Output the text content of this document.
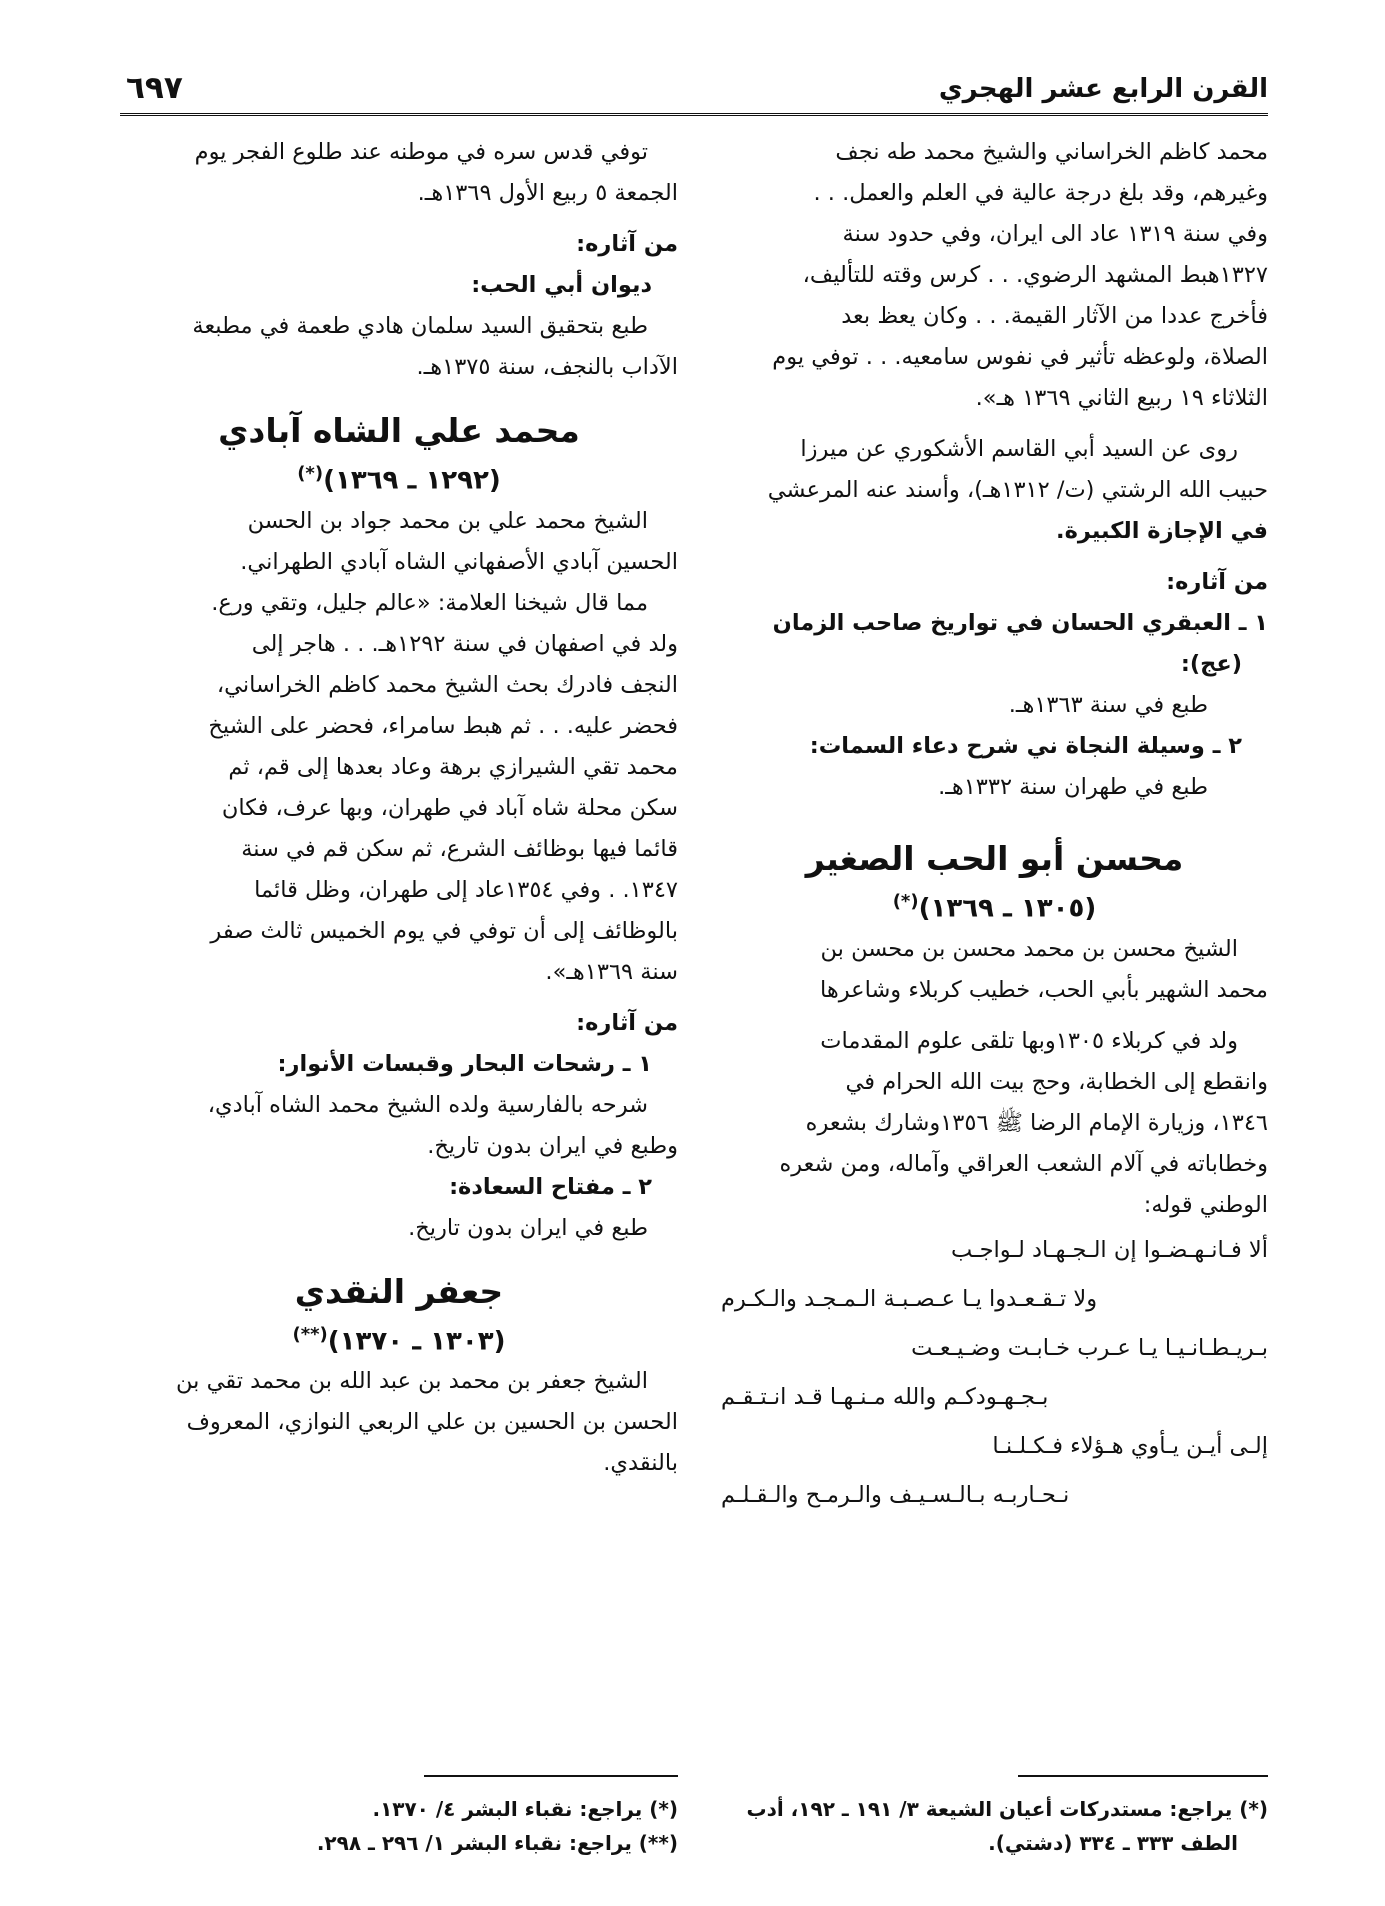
القرن الرابع عشر الهجري
٦٩٧

محمد كاظم الخراساني والشيخ محمد طه نجف

وغيرهم، وقد بلغ درجة عالية في العلم والعمل. . .

وفي سنة ١٣١٩ عاد الى ايران، وفي حدود سنة

١٣٢٧هبط المشهد الرضوي. . . كرس وقته للتأليف،

فأخرج عددا من الآثار القيمة. . . وكان يعظ بعد

الصلاة، ولوعظه تأثير في نفوس سامعيه. . . توفي يوم

الثلاثاء ١٩ ربيع الثاني ١٣٦٩ هـ».

روى عن السيد أبي القاسم الأشكوري عن ميرزا

حبيب الله الرشتي (ت/ ١٣١٢هـ)، وأسند عنه المرعشي

في الإجازة الكبيرة.

من آثاره:

١ ـ العبقري الحسان في تواريخ صاحب الزمان

(عج):

طبع في سنة ١٣٦٣هـ.

٢ ـ وسيلة النجاة ني شرح دعاء السمات:

طبع في طهران سنة ١٣٣٢هـ.

محسن أبو الحب الصغير

(١٣٠٥ ـ ١٣٦٩)(*)

الشيخ محسن بن محمد محسن بن محسن بن

محمد الشهير بأبي الحب، خطيب كربلاء وشاعرها

ولد في كربلاء ١٣٠٥وبها تلقى علوم المقدمات

وانقطع إلى الخطابة، وحج بيت الله الحرام في

١٣٤٦، وزيارة الإمام الرضا ﷺ ١٣٥٦وشارك بشعره

وخطاباته في آلام الشعب العراقي وآماله، ومن شعره

الوطني قوله:

ألا فـانـهـضـوا إن الـجـهـاد لـواجـب

ولا تـقـعـدوا يـا عـصـبـة الـمـجـد والـكـرم

بـريـطـانـيـا يـا عـرب خـابـت وضـيـعـت

بـجـهـودكـم والله مـنـهـا قـد انـتـقـم

إلـى أيـن يـأوي هـؤلاء فـكـلـنـا

نـحـاربـه بـالـسـيـف والـرمـح والـقـلـم

توفي قدس سره في موطنه عند طلوع الفجر يوم

الجمعة ٥ ربيع الأول ١٣٦٩هـ.

من آثاره:

ديوان أبي الحب:

طبع بتحقيق السيد سلمان هادي طعمة في مطبعة

الآداب بالنجف، سنة ١٣٧٥هـ.

محمد علي الشاه آبادي

(١٢٩٢ ـ ١٣٦٩)(*)

الشيخ محمد علي بن محمد جواد بن الحسن

الحسين آبادي الأصفهاني الشاه آبادي الطهراني.

مما قال شيخنا العلامة: «عالم جليل، وتقي ورع.

ولد في اصفهان في سنة ١٢٩٢هـ. . . هاجر إلى

النجف فادرك بحث الشيخ محمد كاظم الخراساني،

فحضر عليه. . . ثم هبط سامراء، فحضر على الشيخ

محمد تقي الشيرازي برهة وعاد بعدها إلى قم، ثم

سكن محلة شاه آباد في طهران، وبها عرف، فكان

قائما فيها بوظائف الشرع، ثم سكن قم في سنة

١٣٤٧. . وفي ١٣٥٤عاد إلى طهران، وظل قائما

بالوظائف إلى أن توفي في يوم الخميس ثالث صفر

سنة ١٣٦٩هـ».

من آثاره:

١ ـ رشحات البحار وقبسات الأنوار:

شرحه بالفارسية ولده الشيخ محمد الشاه آبادي،

وطبع في ايران بدون تاريخ.

٢ ـ مفتاح السعادة:

طبع في ايران بدون تاريخ.

جعفر النقدي

(١٣٠٣ ـ ١٣٧٠)(**)

الشيخ جعفر بن محمد بن عبد الله بن محمد تقي بن

الحسن بن الحسين بن علي الربعي النوازي، المعروف

بالنقدي.

(*) يراجع: مستدركات أعيان الشيعة ٣/ ١٩١ ـ ١٩٢، أدب
الطف ٣٣٣ ـ ٣٣٤ (دشتي).
(*) يراجع: نقباء البشر ٤/ ١٣٧٠.
(**) يراجع: نقباء البشر ١/ ٢٩٦ ـ ٢٩٨.
